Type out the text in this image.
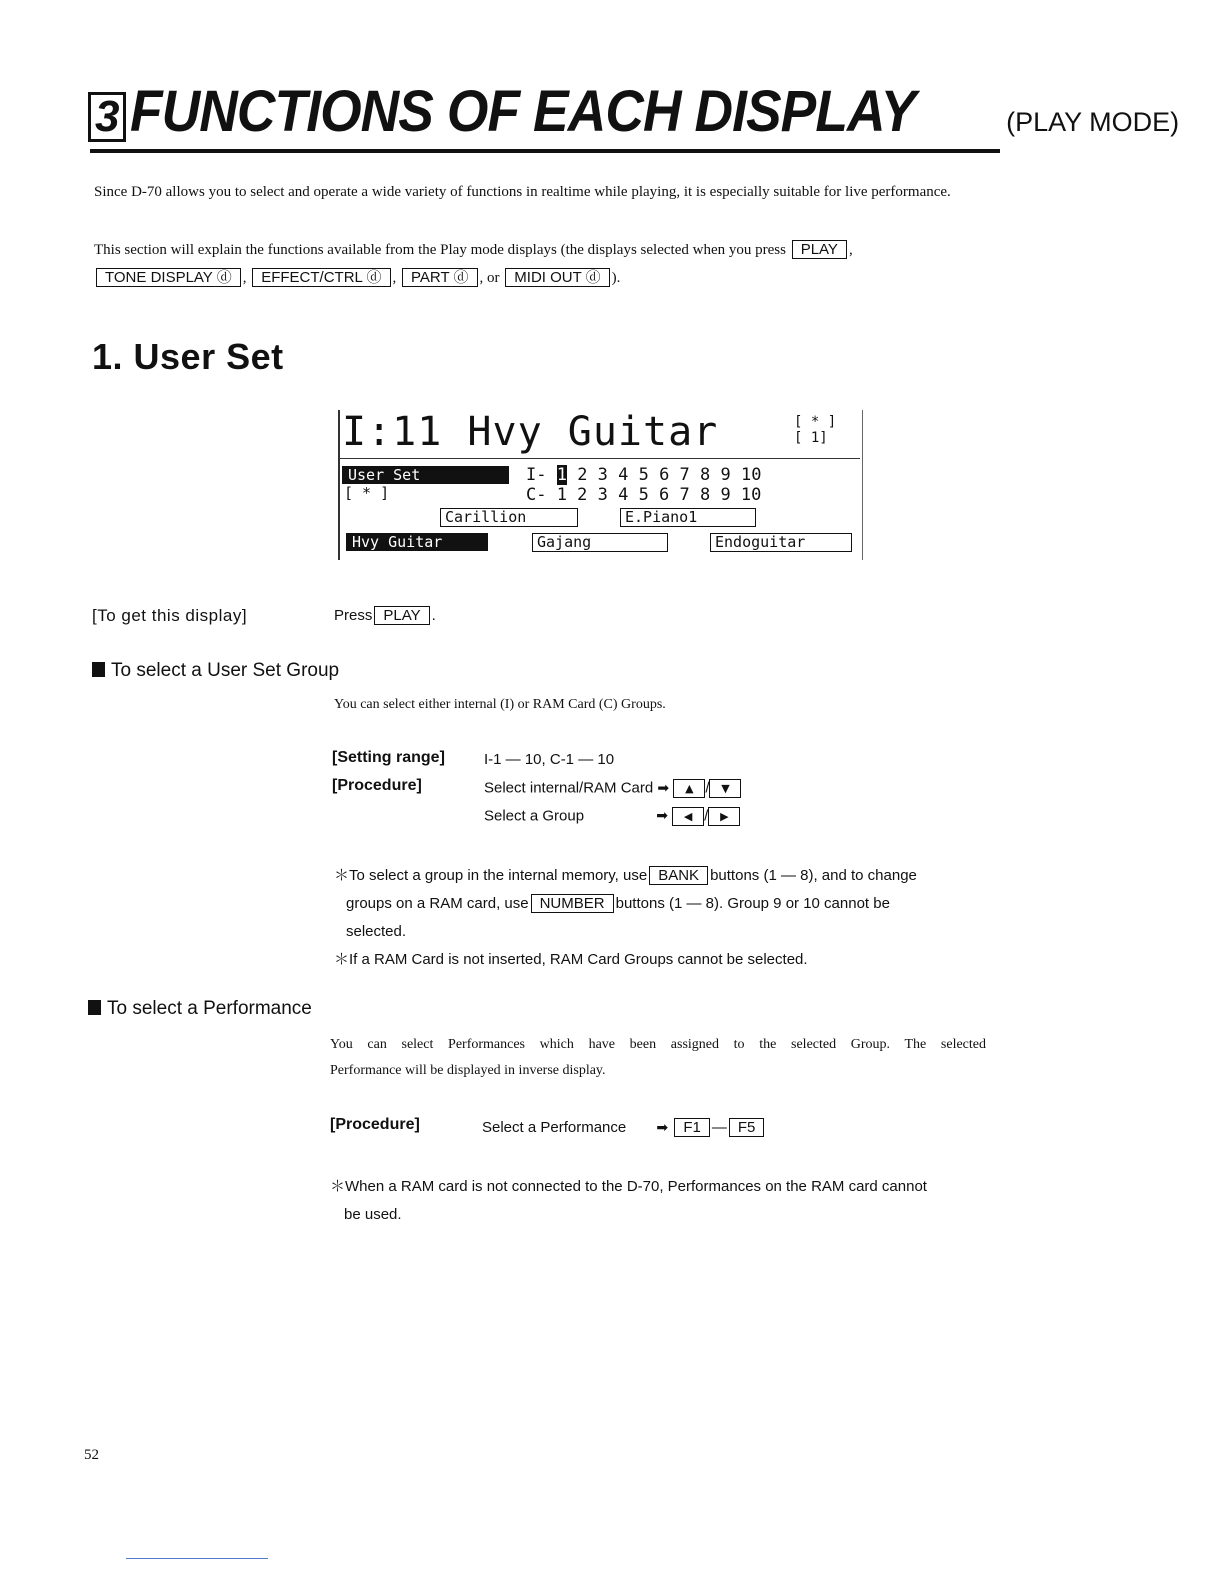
3 FUNCTIONS OF EACH DISPLAY	(PLAY MODE)
Since D-70 allows you to select and operate a wide variety of functions in realtime while playing, it is especially suitable for live performance.
This section will explain the functions available from the Play mode displays (the displays selected when you press PLAY , TONE DISPLAY ⓓ , EFFECT/CTRL ⓓ , PART ⓓ , or MIDI OUT ⓓ ).
1. User Set
I:11 Hvy Guitar	[ * ]
[ 1]
User Set
[ * ]
I- 1 2 3 4 5 6 7 8 9 10
C- 1 2 3 4 5 6 7 8 9 10
Carillion	E.Piano1
Hvy Guitar	Gajang	Endoguitar
[To get this display]	Press PLAY .
To select a User Set Group
You can select either internal (I) or RAM Card (C) Groups.
[Setting range]	I-1 — 10, C-1 — 10
[Procedure]	Select internal/RAM Card ➡ ▲ / ▼
Select a Group	➡ ◀ / ▶
＊To select a group in the internal memory, use BANK buttons (1 — 8), and to change
groups on a RAM card, use NUMBER buttons (1 — 8). Group 9 or 10 cannot be
selected.
＊If a RAM Card is not inserted, RAM Card Groups cannot be selected.
To select a Performance
You can select Performances which have been assigned to the selected Group. The selected
Performance will be displayed in inverse display.
[Procedure]	Select a Performance ➡ F1 — F5
＊When a RAM card is not connected to the D-70, Performances on the RAM card cannot
be used.
52
